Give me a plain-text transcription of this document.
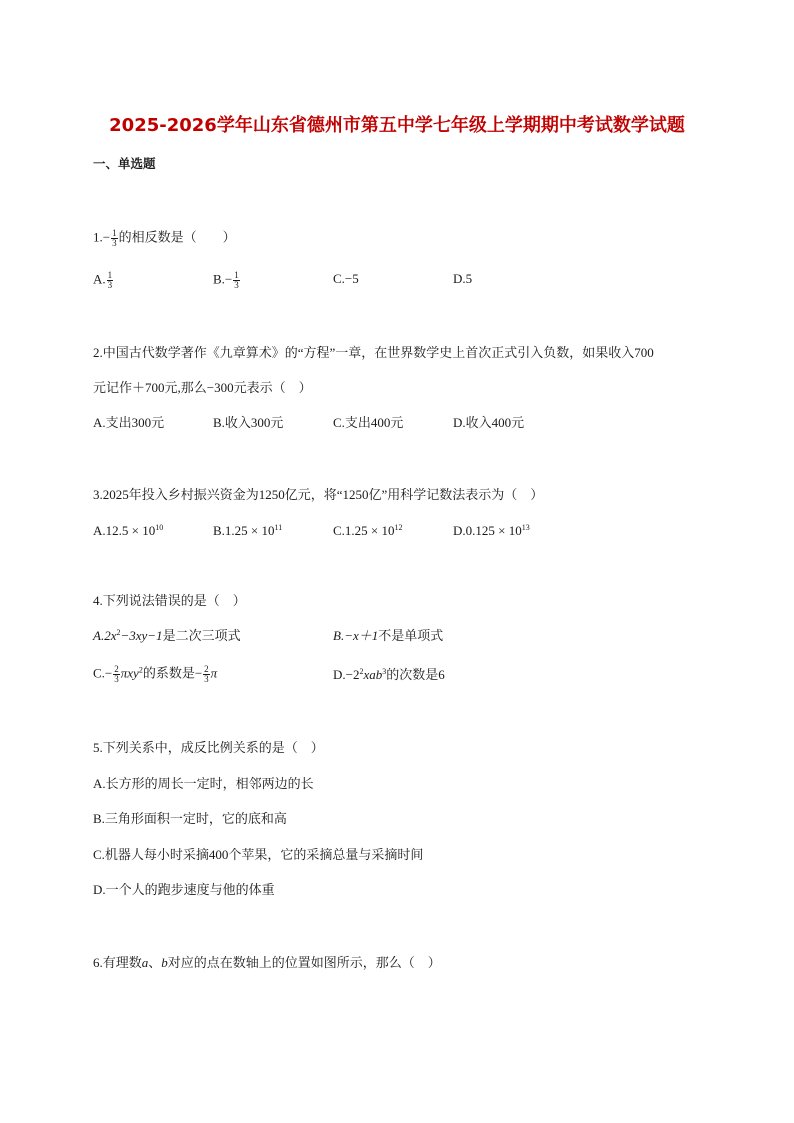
2025-2026学年山东省德州市第五中学七年级上学期期中考试数学试题
一、单选题
$1.- \frac{1}{3}$ 的相反数是（　　）
A. $\frac{1}{3}$	$B.- \frac{1}{3}$	C.−5	D.5
2.中国古代数学著作《九章算术》的“方程”一章，在世界数学史上首次正式引入负数，如果收入700
元记作＋700元,那么−300元表示（　）
A.支出300元	B.收入300元	C.支出400元	D.收入400元
3.2025年投入乡村振兴资金为1250亿元，将“1250亿”用科学记数法表示为（　）
$A.12.5 \times 10^{10}$	$B.1.25 \times 10^{11}$	$C.1.25 \times 10^{12}$	$D.0.125 \times 10^{13}$
4.下列说法错误的是（　）
$A.2x^2-3xy-1$是二次三项式	B.−x＋1不是单项式
$C.- \frac{2}{3} \pi xy^2$的系数是− $\frac{2}{3}$ π	$D.-2^2xab^3$的次数是6
5.下列关系中，成反比例关系的是（　）
A.长方形的周长一定时，相邻两边的长
B.三角形面积一定时，它的底和高
C.机器人每小时采摘400个苹果，它的采摘总量与采摘时间
D.一个人的跑步速度与他的体重
6.有理数a、b对应的点在数轴上的位置如图所示，那么（　）
